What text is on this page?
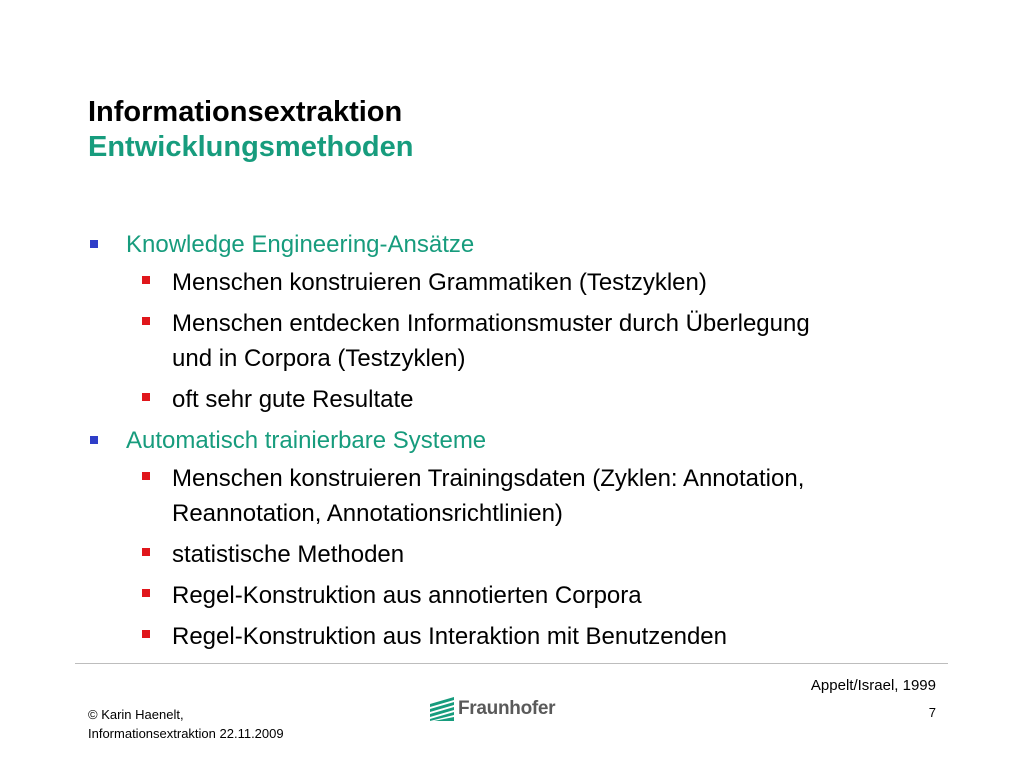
Informationsextraktion
Entwicklungsmethoden
Knowledge Engineering-Ansätze
Menschen konstruieren Grammatiken (Testzyklen)
Menschen entdecken Informationsmuster durch Überlegung
und in Corpora (Testzyklen)
oft sehr gute Resultate
Automatisch trainierbare Systeme
Menschen konstruieren Trainingsdaten (Zyklen: Annotation,
Reannotation, Annotationsrichtlinien)
statistische Methoden
Regel-Konstruktion aus annotierten Corpora
Regel-Konstruktion aus Interaktion mit Benutzenden
Appelt/Israel, 1999
© Karin Haenelt,
Informationsextraktion 22.11.2009
Fraunhofer	7
